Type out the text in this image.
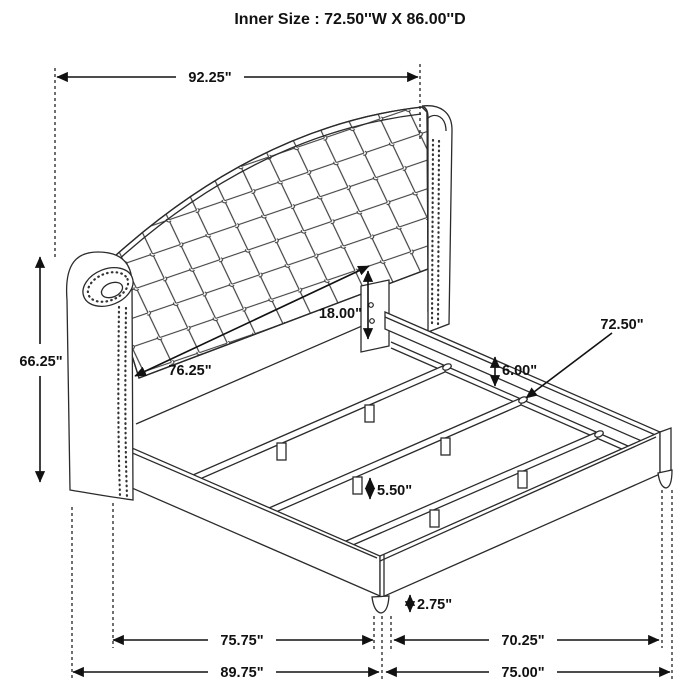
Inner Size : 72.50''W X 86.00''D
92.25"
66.25"
76.25"
18.00"
6.00"
72.50"
5.50"
2.75"
75.75"	70.25"
89.75"	75.00"
